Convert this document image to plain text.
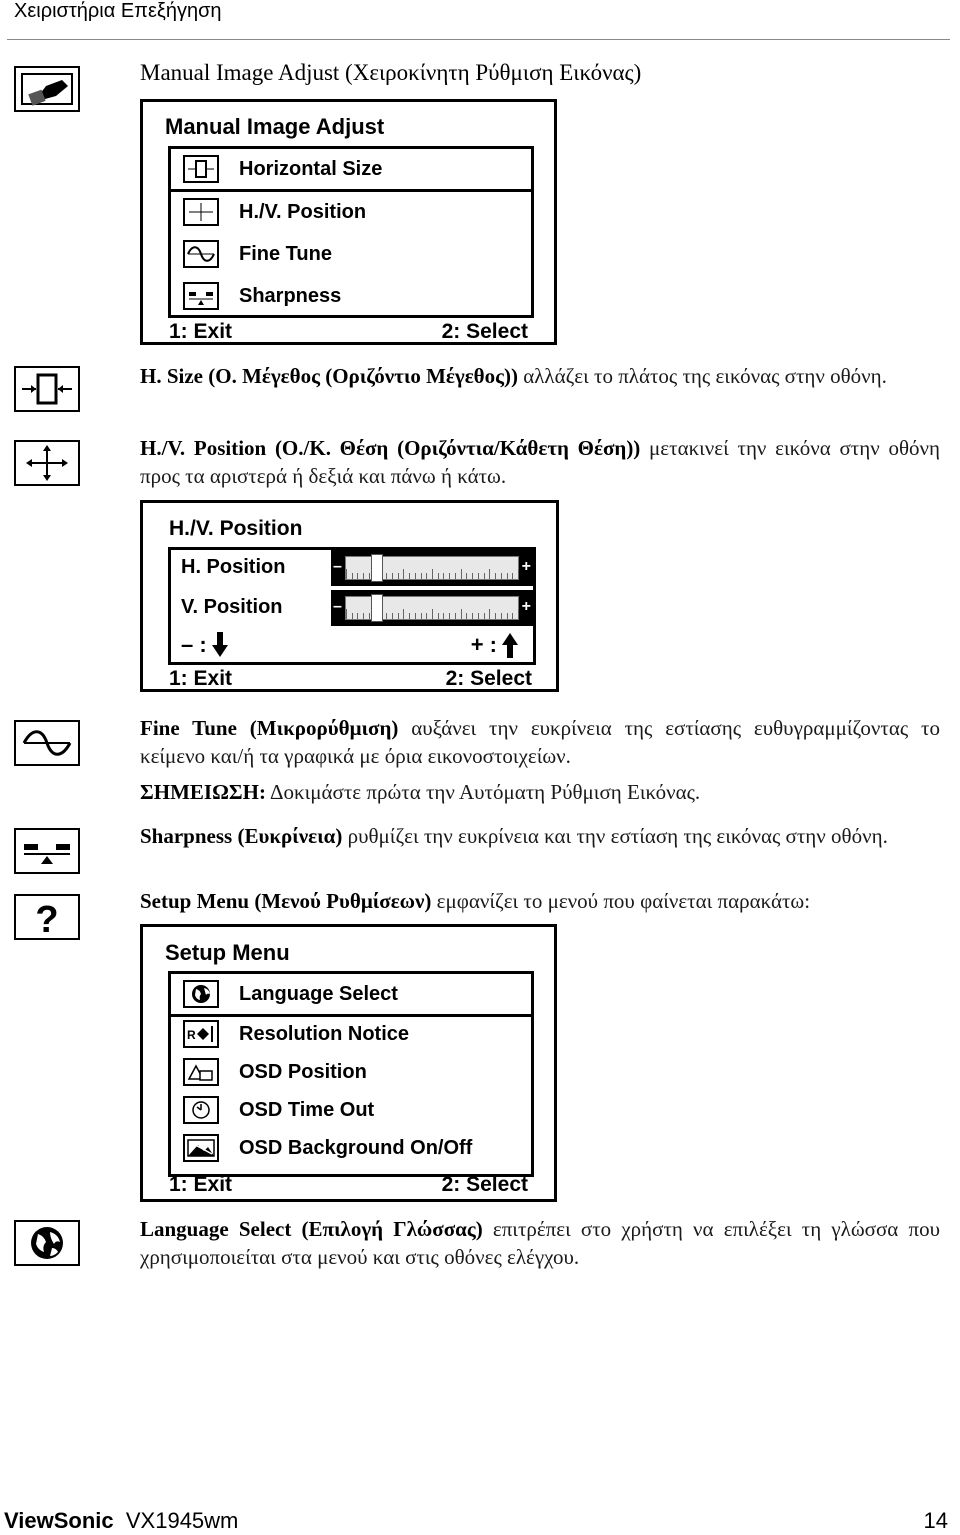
Χειριστήρια Επεξήγηση
?
Manual Image Adjust (Χειροκίνητη Ρύθμιση Εικόνας)
Manual Image Adjust
Horizontal Size
H./V. Position
Fine Tune
Sharpness
1: Exit	2: Select
H. Size (Ο. Μέγεθος (Οριζόντιο Μέγεθος)) αλλάζει το πλάτος της εικόνας στην οθόνη.
H./V. Position (Ο./Κ. Θέση (Οριζόντια/Κάθετη Θέση)) μετακινεί την εικόνα στην οθόνη προς τα αριστερά ή δεξιά και πάνω ή κάτω.
H./V. Position
H. Position	–	+
V. Position	–	+
– :	+ :
1: Exit	2: Select
Fine Tune (Μικρορύθμιση) αυξάνει την ευκρίνεια της εστίασης ευθυγραμμίζοντας το κείμενο και/ή τα γραφικά με όρια εικονοστοιχείων.
ΣΗΜΕΙΩΣΗ: Δοκιμάστε πρώτα την Αυτόματη Ρύθμιση Εικόνας.
Sharpness (Ευκρίνεια) ρυθμίζει την ευκρίνεια και την εστίαση της εικόνας στην οθόνη.
Setup Menu (Μενού Ρυθμίσεων) εμφανίζει το μενού που φαίνεται παρακάτω:
Setup Menu
Language Select
R Resolution Notice
OSD Position
OSD Time Out
OSD Background On/Off
1: Exit	2: Select
Language Select (Επιλογή Γλώσσας) επιτρέπει στο χρήστη να επιλέξει τη γλώσσα που χρησιμοποιείται στα μενού και στις οθόνες ελέγχου.
ViewSonic VX1945wm	14
